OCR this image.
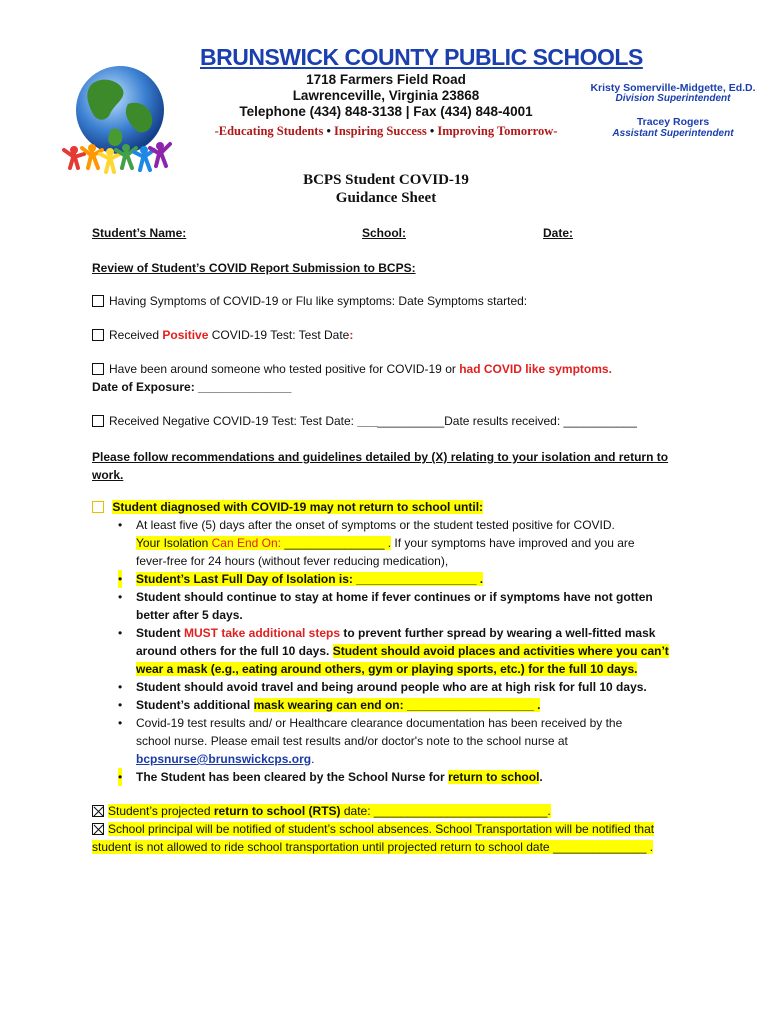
BRUNSWICK COUNTY PUBLIC SCHOOLS
1718 Farmers Field Road
Lawrenceville, Virginia 23868
Telephone (434) 848-3138 | Fax (434) 848-4001
-Educating Students • Inspiring Success • Improving Tomorrow-
Kristy Somerville-Midgette, Ed.D.
Division Superintendent
Tracey Rogers
Assistant Superintendent
BCPS Student COVID-19
Guidance Sheet
Student’s Name:	School:	Date:
Review of Student’s COVID Report Submission to BCPS:
Having Symptoms of COVID-19 or Flu like symptoms: Date Symptoms started:
Received Positive COVID-19 Test: Test Date:
Have been around someone who tested positive for COVID-19 or had COVID like symptoms.
Date of Exposure: ______________
Received Negative COVID-19 Test: Test Date: _____________Date results received: ___________
Please follow recommendations and guidelines detailed by (X) relating to your isolation and return to
work.
Student diagnosed with COVID-19 may not return to school until:
• At least five (5) days after the onset of symptoms or the student tested positive for COVID.
Your Isolation Can End On: _______________ . If your symptoms have improved and you are
fever-free for 24 hours (without fever reducing medication),
• Student’s Last Full Day of Isolation is: __________________ .
• Student should continue to stay at home if fever continues or if symptoms have not gotten
better after 5 days.
• Student MUST take additional steps to prevent further spread by wearing a well-fitted mask
around others for the full 10 days. Student should avoid places and activities where you can’t
wear a mask (e.g., eating around others, gym or playing sports, etc.) for the full 10 days.
• Student should avoid travel and being around people who are at high risk for full 10 days.
• Student’s additional mask wearing can end on: ___________________ .
• Covid-19 test results and/ or Healthcare clearance documentation has been received by the
school nurse. Please email test results and/or doctor's note to the school nurse at
bcpsnurse@brunswickcps.org.
• The Student has been cleared by the School Nurse for return to school.
Student’s projected return to school (RTS) date: __________________________.
School principal will be notified of student’s school absences. School Transportation will be notified that
student is not allowed to ride school transportation until projected return to school date ______________ .
